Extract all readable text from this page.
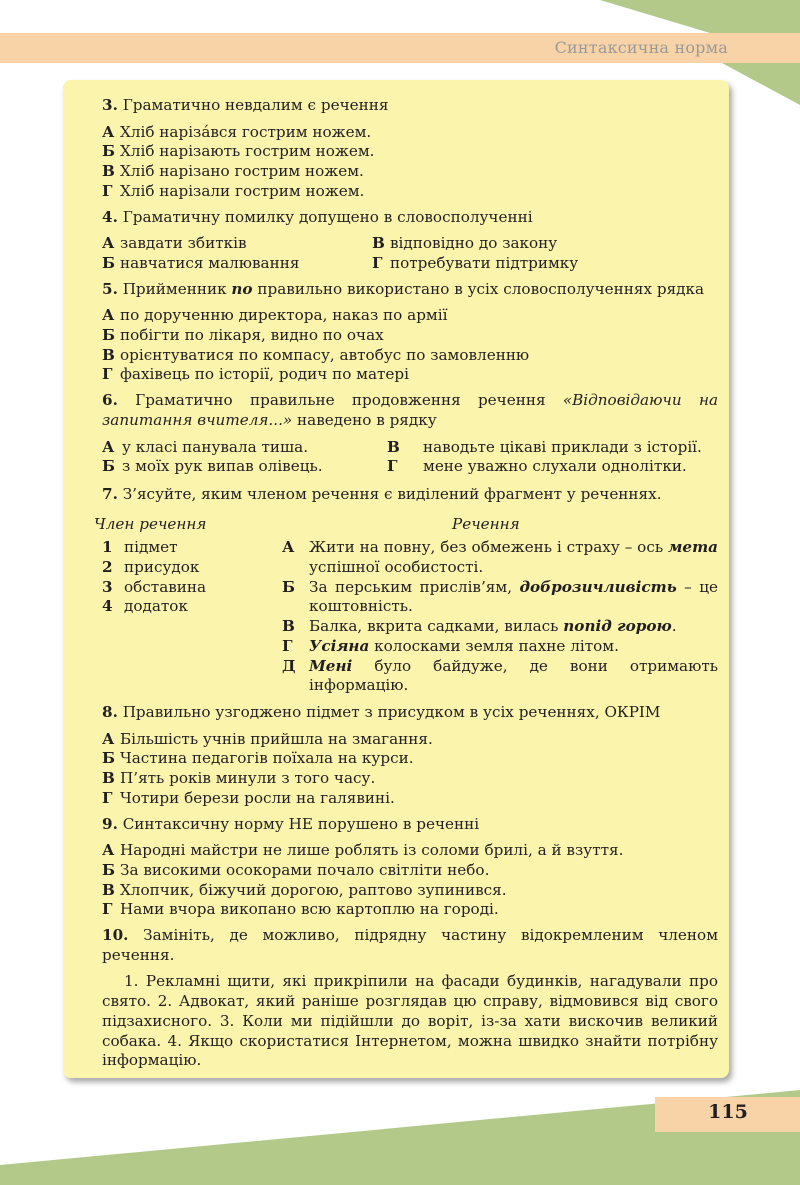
Синтаксична норма

3. Граматично невдалим є речення

А Хліб нарізáвся гострим ножем.
Б Хліб нарізають гострим ножем.
В Хліб нарізано гострим ножем.
Г Хліб нарізали гострим ножем.

4. Граматичну помилку допущено в словосполученні

А завдати збитків	В відповідно до закону
Б навчатися малювання	Г потребувати підтримку

5. Прийменник по правильно використано в усіх словосполученнях рядка

А по дорученню директора, наказ по армії
Б побігти по лікаря, видно по очах
В орієнтуватися по компасу, автобус по замовленню
Г фахівець по історії, родич по матері

6. Граматично правильне продовження речення «Відповідаючи на запитання вчителя...» наведено в рядку

А у класі панувала тиша.	В наводьте цікаві приклади з історії.
Б з моїх рук випав олівець.	Г мене уважно слухали однолітки.

7. З’ясуйте, яким членом речення є виділений фрагмент у реченнях.

Член речення	Речення
1 підмет
2 присудок
3 обставина
4 додаток
А Жити на повну, без обмежень і страху – ось мета успішної особистості.
Б За перським прислів’ям, доброзичливість – це коштовність.
В Балка, вкрита садками, вилась попід горою.
Г	Усіяна колосками земля пахне літом.
Д Мені було байдуже, де вони отримають інформацію.

8. Правильно узгоджено підмет з присудком в усіх реченнях, ОКРІМ

А Більшість учнів прийшла на змагання.
Б Частина педагогів поїхала на курси.
В П’ять років минули з того часу.
Г Чотири берези росли на галявині.

9. Синтаксичну норму НЕ порушено в реченні

А Народні майстри не лише роблять із соломи брилі, а й взуття.
Б За високими осокорами почало світліти небо.
В Хлопчик, біжучий дорогою, раптово зупинився.
Г Нами вчора викопано всю картоплю на городі.

10. Замініть, де можливо, підрядну частину відокремленим членом речення.

1. Рекламні щити, які прикріпили на фасади будинків, нагадували про свято. 2. Адвокат, який раніше розглядав цю справу, відмовився від свого підзахисного. 3. Коли ми підійшли до воріт, із-за хати вискочив великий собака. 4. Якщо скористатися Інтернетом, можна швидко знайти потрібну інформацію.

115
